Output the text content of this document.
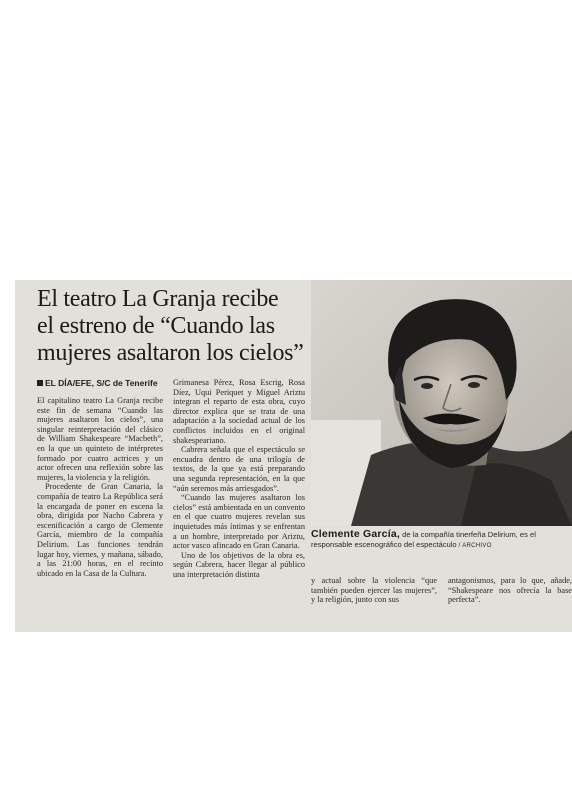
El teatro La Granja recibe
el estreno de “Cuando las
mujeres asaltaron los cielos”
EL DÍA/EFE, S/C de Tenerife

El capitalino teatro La Granja recibe este fin de semana “Cuando las mujeres asaltaron los cielos”, una singular reinterpretación del clásico de William Shakespeare “Macbeth”, en la que un quinteto de intérpretes formado por cuatro actrices y un actor ofrecen una reflexión sobre las mujeres, la violencia y la religión.

Procedente de Gran Canaria, la compañía de teatro La República será la encargada de poner en escena la obra, dirigida por Nacho Cabrera y escenificación a cargo de Clemente García, miembro de la compañía Delirium. Las funciones tendrán lugar hoy, viernes, y mañana, sábado, a las 21:00 horas, en el recinto ubicado en la Casa de la Cultura.

Grimanesa Pérez, Rosa Escrig, Rosa Díez, Uqui Periquet y Miguel Ariztu integran el reparto de esta obra, cuyo director explica que se trata de una adaptación a la sociedad actual de los conflictos incluidos en el original shakespeariano.

Cabrera señala que el espectáculo se encuadra dentro de una trilogía de textos, de la que ya está preparando una segunda representación, en la que “aún seremos más arriesgados”.

“Cuando las mujeres asaltaron los cielos” está ambientada en un convento en el que cuatro mujeres revelan sus inquietudes más íntimas y se enfrentan a un hombre, interpretado por Ariztu, actor vasco afincado en Gran Canaria.

Uno de los objetivos de la obra es, según Cabrera, hacer llegar al público una interpretación distinta

Clemente García, de la compañía tinerfeña Delirium, es el responsable escenográfico del espectáculo / ARCHIVO

y actual sobre la violencia “que también pueden ejercer las mujeres”, y la religión, junto con sus

antagonismos, para lo que, añade, “Shakespeare nos ofrecía la base perfecta”.
